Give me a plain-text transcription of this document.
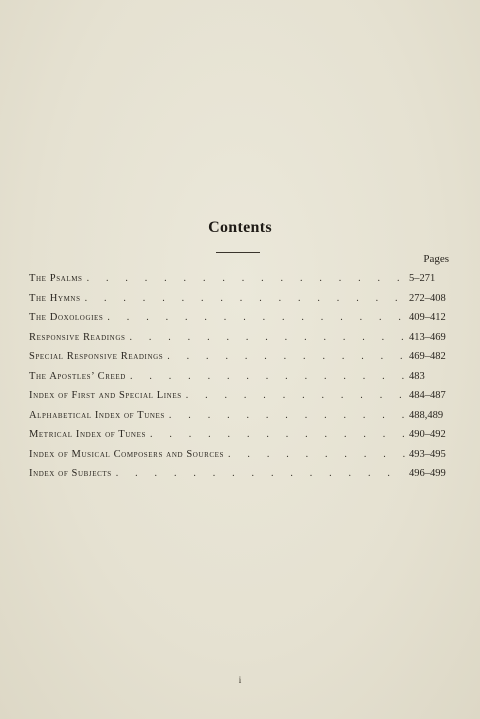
Contents
Pages
The Psalms . . .	5–271
The Hymns . . .	272–408
The Doxologies . . .	409–412
Responsive Readings . . .	413–469
Special Responsive Readings . . .	469–482
The Apostles’ Creed . . .	483
Index of First and Special Lines . . .	484–487
Alphabetical Index of Tunes . . .	488,489
Metrical Index of Tunes . . .	490–492
Index of Musical Composers and Sources . . .	493–495
Index of Subjects . . .	496–499
i
